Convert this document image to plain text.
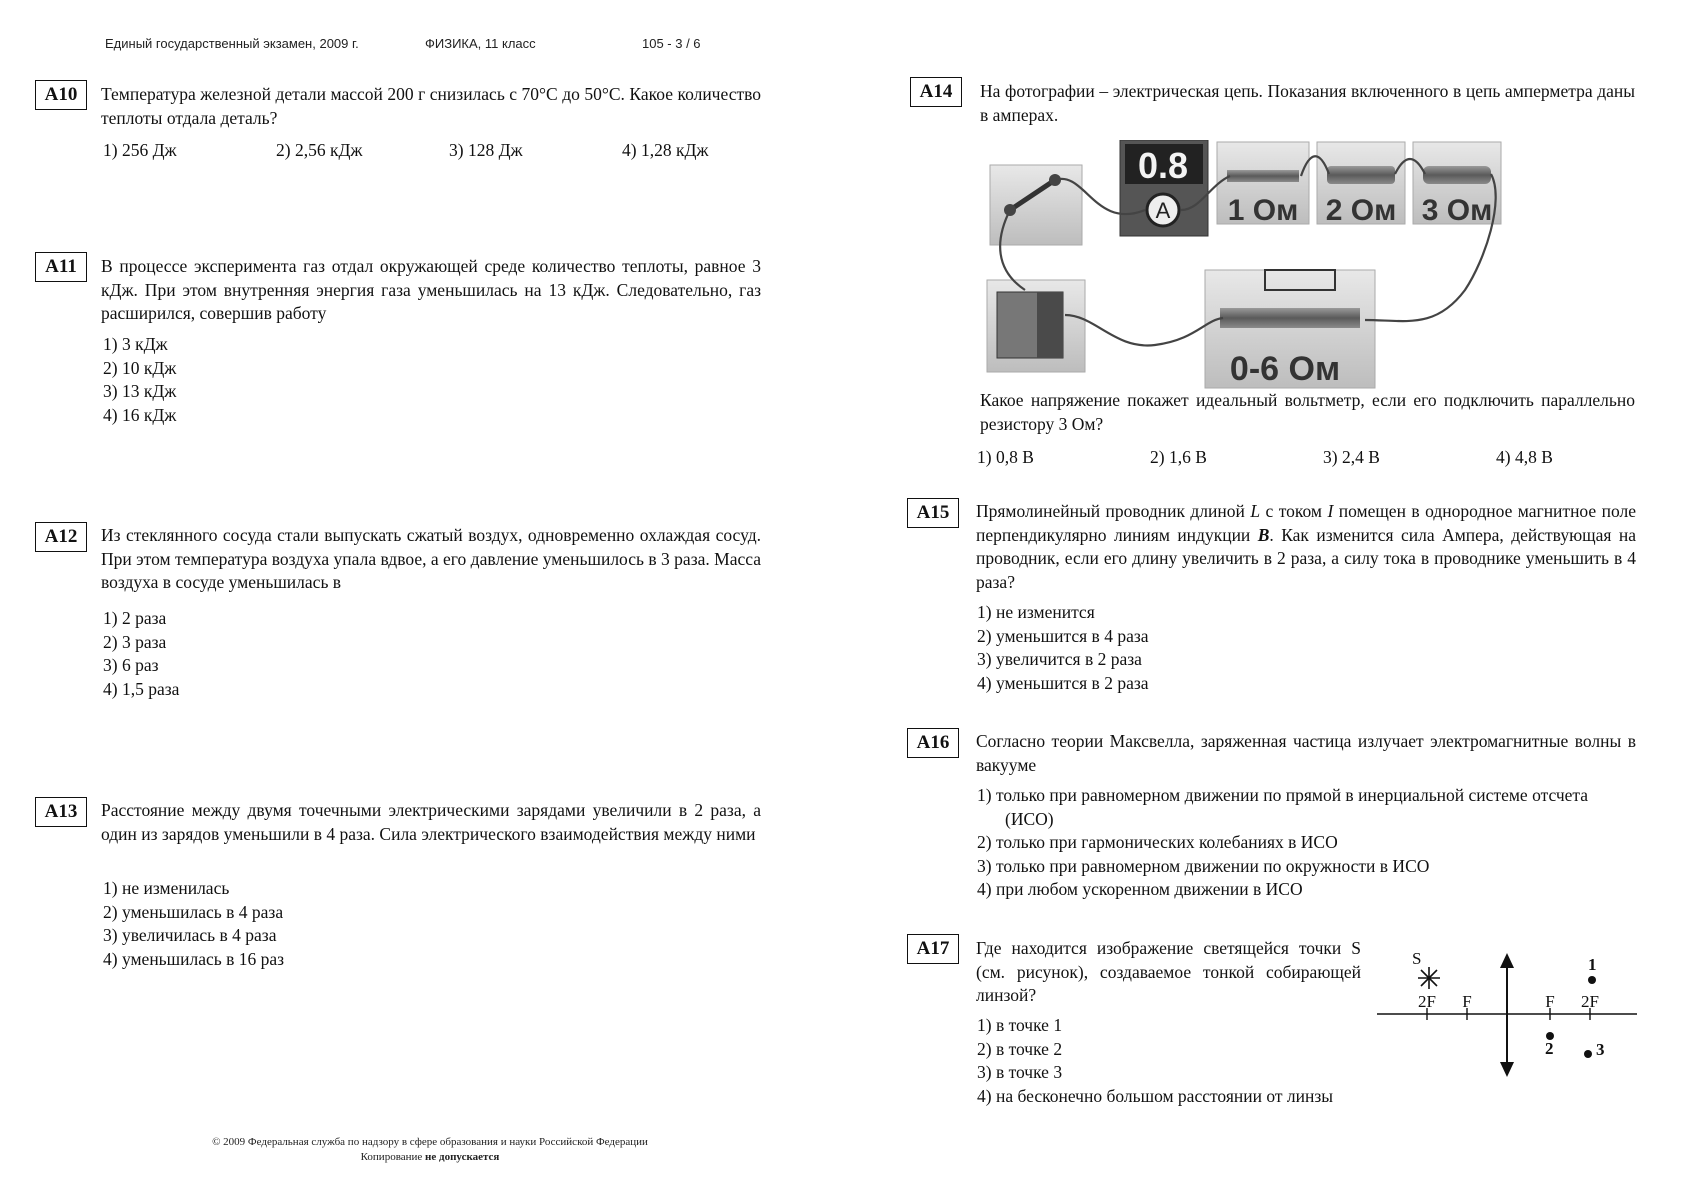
Единый государственный экзамен, 2009 г.	ФИЗИКА, 11 класс	105 - 3 / 6
A10	Температура железной детали массой 200 г снизилась с 70°С до 50°С. Какое количество теплоты отдала деталь?
1) 256 Дж	2) 2,56 кДж	3) 128 Дж	4) 1,28 кДж
A11	В процессе эксперимента газ отдал окружающей среде количество теплоты, равное 3 кДж. При этом внутренняя энергия газа уменьшилась на 13 кДж. Следовательно, газ расширился, совершив работу
1) 3 кДж
2) 10 кДж
3) 13 кДж
4) 16 кДж
A12	Из стеклянного сосуда стали выпускать сжатый воздух, одновременно охлаждая сосуд. При этом температура воздуха упала вдвое, а его давление уменьшилось в 3 раза. Масса воздуха в сосуде уменьшилась в
1) 2 раза
2) 3 раза
3) 6 раз
4) 1,5 раза
A13	Расстояние между двумя точечными электрическими зарядами увеличили в 2 раза, а один из зарядов уменьшили в 4 раза. Сила электрического взаимодействия между ними
1) не изменилась
2) уменьшилась в 4 раза
3) увеличилась в 4 раза
4) уменьшилась в 16 раз
© 2009 Федеральная служба по надзору в сфере образования и науки Российской Федерации
Копирование не допускается
A14	На фотографии – электрическая цепь. Показания включенного в цепь амперметра даны в амперах.
0.8
A 1 Ом 2 Ом 3 Ом
0-6 Ом
Какое напряжение покажет идеальный вольтметр, если его подключить параллельно резистору 3 Ом?
1) 0,8 В	2) 1,6 В	3) 2,4 В	4) 4,8 В
A15	Прямолинейный проводник длиной L с током I помещен в однородное магнитное поле перпендикулярно линиям индукции B. Как изменится сила Ампера, действующая на проводник, если его длину увеличить в 2 раза, а силу тока в проводнике уменьшить в 4 раза?
1) не изменится
2) уменьшится в 4 раза
3) увеличится в 2 раза
4) уменьшится в 2 раза
A16	Согласно теории Максвелла, заряженная частица излучает электромагнитные волны в вакууме
1) только при равномерном движении по прямой в инерциальной системе отсчета (ИСО)
2) только при гармонических колебаниях в ИСО
3) только при равномерном движении по окружности в ИСО
4) при любом ускоренном движении в ИСО
A17	Где находится изображение светящейся точки S (см. рисунок), создаваемое тонкой собирающей линзой?
1) в точке 1
2) в точке 2
3) в точке 3
4) на бесконечно большом расстоянии от линзы
2F F	F 2F
S	1
2	3
